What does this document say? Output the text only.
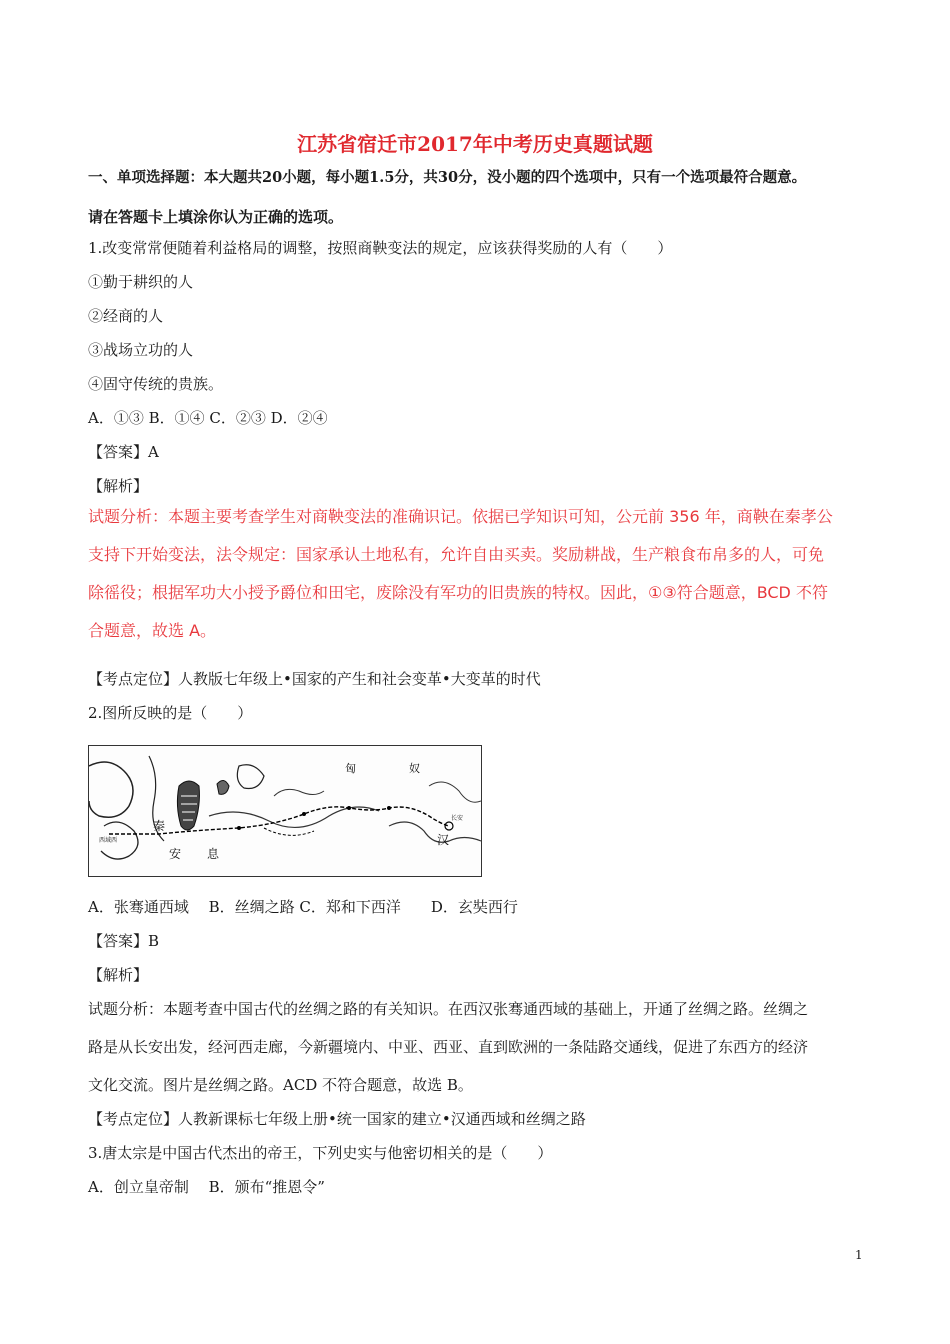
江苏省宿迁市2017年中考历史真题试题
一、单项选择题：本大题共20小题，每小题1.5分，共30分，没小题的四个选项中，只有一个选项最符合题意。
请在答题卡上填涂你认为正确的选项。
1.改变常常便随着利益格局的调整，按照商鞅变法的规定，应该获得奖励的人有（　　）
①勤于耕织的人
②经商的人
③战场立功的人
④固守传统的贵族。
A．①③ B．①④ C．②③ D．②④
【答案】A
【解析】
试题分析：本题主要考查学生对商鞅变法的准确识记。依据已学知识可知，公元前 356 年，商鞅在秦孝公
支持下开始变法，法令规定：国家承认土地私有，允许自由买卖。奖励耕战，生产粮食布帛多的人，可免
除徭役；根据军功大小授予爵位和田宅，废除没有军功的旧贵族的特权。因此，①③符合题意，BCD 不符
合题意，故选 A。
【考点定位】人教版七年级上•国家的产生和社会变革•大变革的时代
2.图所反映的是（　　）
匈	奴
秦
安 息
汉
长安
西域西
A．张骞通西域　 B．丝绸之路 C．郑和下西洋　　D．玄奘西行
【答案】B
【解析】
试题分析：本题考查中国古代的丝绸之路的有关知识。在西汉张骞通西域的基础上，开通了丝绸之路。丝绸之
路是从长安出发，经河西走廊，今新疆境内、中亚、西亚、直到欧洲的一条陆路交通线，促进了东西方的经济
文化交流。图片是丝绸之路。ACD 不符合题意，故选 B。
【考点定位】人教新课标七年级上册•统一国家的建立•汉通西域和丝绸之路
3.唐太宗是中国古代杰出的帝王，下列史实与他密切相关的是（　　）
A．创立皇帝制　 B．颁布“推恩令”
1
